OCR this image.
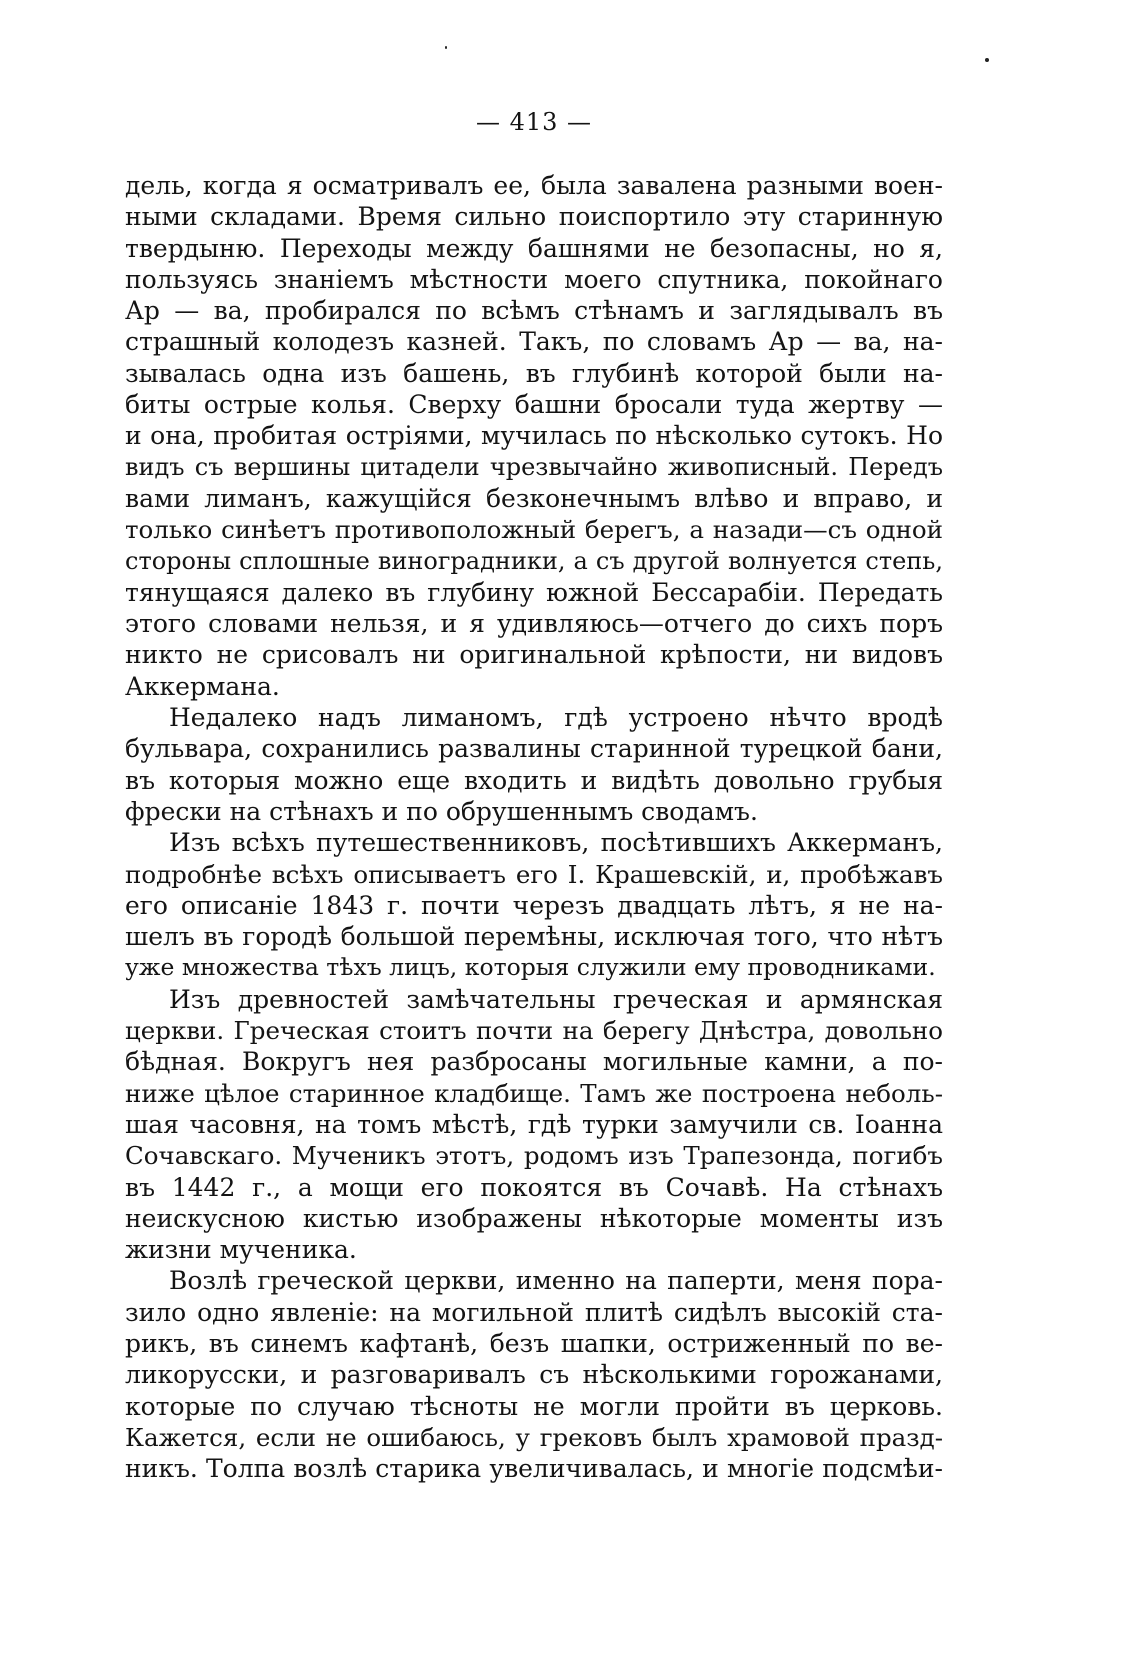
— 413 —
дель, когда я осматривалъ ее, была завалена разными воен-
ными складами. Время сильно поиспортило эту старинную
твердыню. Переходы между башнями не безопасны, но я,
пользуясь знаніемъ мѣстности моего спутника, покойнаго
Ар — ва, пробирался по всѣмъ стѣнамъ и заглядывалъ въ
страшный колодезъ казней. Такъ, по словамъ Ар — ва, на-
зывалась одна изъ башень, въ глубинѣ которой были на-
биты острые колья. Сверху башни бросали туда жертву —
и она, пробитая остріями, мучилась по нѣсколько сутокъ. Но
видъ съ вершины цитадели чрезвычайно живописный. Передъ
вами лиманъ, кажущійся безконечнымъ влѣво и вправо, и
только синѣетъ противоположный берегъ, а назади—съ одной
стороны сплошные виноградники, а съ другой волнуется степь,
тянущаяся далеко въ глубину южной Бессарабіи. Передать
этого словами нельзя, и я удивляюсь—отчего до сихъ поръ
никто не срисовалъ ни оригинальной крѣпости, ни видовъ
Аккермана.
Недалеко надъ лиманомъ, гдѣ устроено нѣчто вродѣ
бульвара, сохранились развалины старинной турецкой бани,
въ которыя можно еще входить и видѣть довольно грубыя
фрески на стѣнахъ и по обрушеннымъ сводамъ.
Изъ всѣхъ путешественниковъ, посѣтившихъ Аккерманъ,
подробнѣе всѣхъ описываетъ его І. Крашевскій, и, пробѣжавъ
его описаніе 1843 г. почти черезъ двадцать лѣтъ, я не на-
шелъ въ городѣ большой перемѣны, исключая того, что нѣтъ
уже множества тѣхъ лицъ, которыя служили ему проводниками.
Изъ древностей замѣчательны греческая и армянская
церкви. Греческая стоитъ почти на берегу Днѣстра, довольно
бѣдная. Вокругъ нея разбросаны могильные камни, а по-
ниже цѣлое старинное кладбище. Тамъ же построена неболь-
шая часовня, на томъ мѣстѣ, гдѣ турки замучили св. Іоанна
Сочавскаго. Мученикъ этотъ, родомъ изъ Трапезонда, погибъ
въ 1442 г., а мощи его покоятся въ Сочавѣ. На стѣнахъ
неискусною кистью изображены нѣкоторые моменты изъ
жизни мученика.
Возлѣ греческой церкви, именно на паперти, меня пора-
зило одно явленіе: на могильной плитѣ сидѣлъ высокій ста-
рикъ, въ синемъ кафтанѣ, безъ шапки, остриженный по ве-
ликорусски, и разговаривалъ съ нѣсколькими горожанами,
которые по случаю тѣсноты не могли пройти въ церковь.
Кажется, если не ошибаюсь, у грековъ былъ храмовой празд-
никъ. Толпа возлѣ старика увеличивалась, и многіе подсмѣи-
